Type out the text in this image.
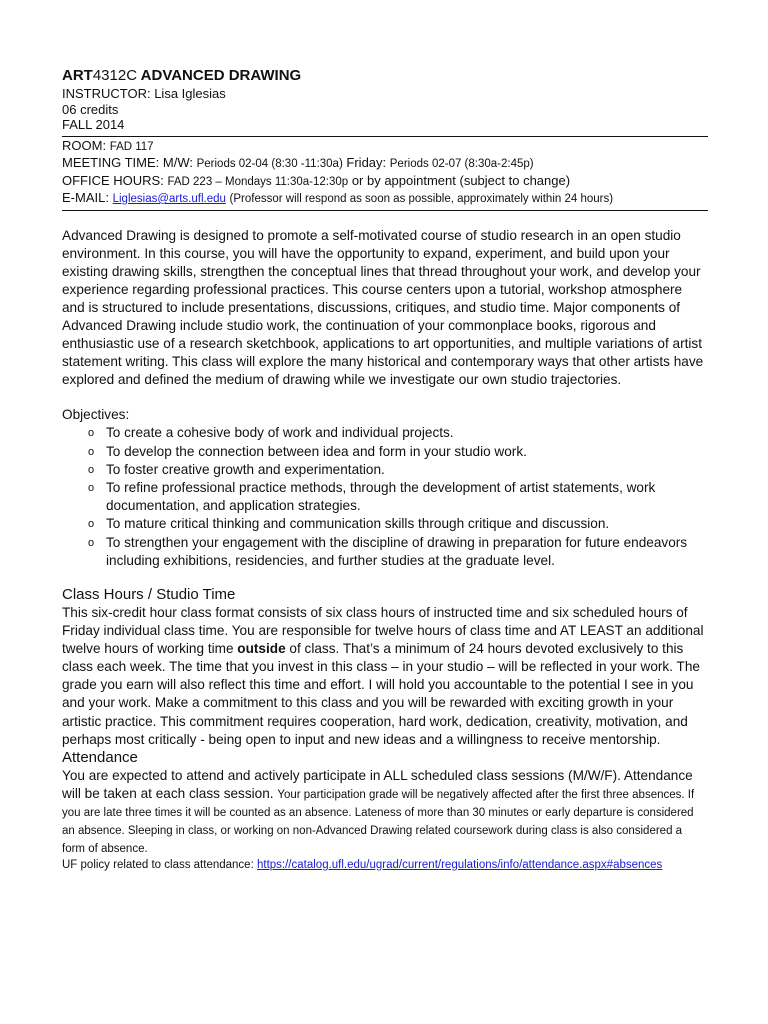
ART4312C ADVANCED DRAWING
INSTRUCTOR: Lisa Iglesias
06 credits
FALL 2014
ROOM: FAD 117
MEETING TIME: M/W: Periods 02-04 (8:30 -11:30a) Friday: Periods 02-07 (8:30a-2:45p)
OFFICE HOURS: FAD 223 – Mondays 11:30a-12:30p or by appointment (subject to change)
E-MAIL: Liglesias@arts.ufl.edu (Professor will respond as soon as possible, approximately within 24 hours)
Advanced Drawing is designed to promote a self-motivated course of studio research in an open studio environment. In this course, you will have the opportunity to expand, experiment, and build upon your existing drawing skills, strengthen the conceptual lines that thread throughout your work, and develop your experience regarding professional practices. This course centers upon a tutorial, workshop atmosphere and is structured to include presentations, discussions, critiques, and studio time. Major components of Advanced Drawing include studio work, the continuation of your commonplace books, rigorous and enthusiastic use of a research sketchbook, applications to art opportunities, and multiple variations of artist statement writing. This class will explore the many historical and contemporary ways that other artists have explored and defined the medium of drawing while we investigate our own studio trajectories.
Objectives:
o To create a cohesive body of work and individual projects.
o To develop the connection between idea and form in your studio work.
o To foster creative growth and experimentation.
o To refine professional practice methods, through the development of artist statements, work documentation, and application strategies.
o To mature critical thinking and communication skills through critique and discussion.
o To strengthen your engagement with the discipline of drawing in preparation for future endeavors including exhibitions, residencies, and further studies at the graduate level.
Class Hours / Studio Time
This six-credit hour class format consists of six class hours of instructed time and six scheduled hours of Friday individual class time. You are responsible for twelve hours of class time and AT LEAST an additional twelve hours of working time outside of class. That’s a minimum of 24 hours devoted exclusively to this class each week. The time that you invest in this class – in your studio – will be reflected in your work. The grade you earn will also reflect this time and effort. I will hold you accountable to the potential I see in you and your work. Make a commitment to this class and you will be rewarded with exciting growth in your artistic practice. This commitment requires cooperation, hard work, dedication, creativity, motivation, and perhaps most critically - being open to input and new ideas and a willingness to receive mentorship.
Attendance
You are expected to attend and actively participate in ALL scheduled class sessions (M/W/F). Attendance will be taken at each class session. Your participation grade will be negatively affected after the first three absences. If you are late three times it will be counted as an absence. Lateness of more than 30 minutes or early departure is considered an absence. Sleeping in class, or working on non-Advanced Drawing related coursework during class is also considered a form of absence.
UF policy related to class attendance: https://catalog.ufl.edu/ugrad/current/regulations/info/attendance.aspx#absences
